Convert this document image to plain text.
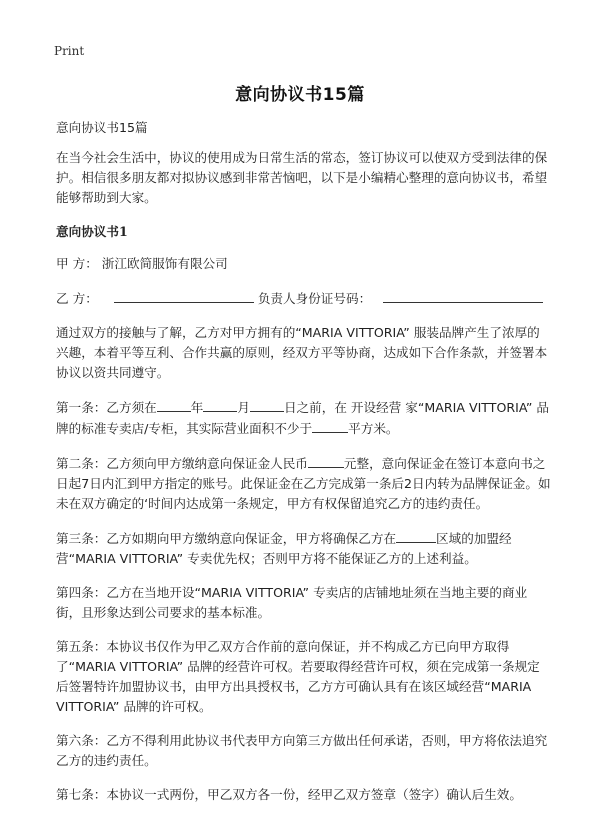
Print
意向协议书15篇

意向协议书15篇

在当今社会生活中，协议的使用成为日常生活的常态，签订协议可以使双方受到法律的保护。相信很多朋友都对拟协议感到非常苦恼吧，以下是小编精心整理的意向协议书，希望能够帮助到大家。

意向协议书1

甲 方： 浙江欧简服饰有限公司

乙 方：	负责人身份证号码：

通过双方的接触与了解，乙方对甲方拥有的“MARIA VITTORIA” 服装品牌产生了浓厚的兴趣，本着平等互利、合作共赢的原则，经双方平等协商，达成如下合作条款，并签署本协议以资共同遵守。

第一条：乙方须在	年	月	日之前，在 开设经营 家“MARIA VITTORIA” 品牌的标准专卖店/专柜，其实际营业面积不少于	平方米。

第二条：乙方须向甲方缴纳意向保证金人民币	元整，意向保证金在签订本意向书之日起7日内汇到甲方指定的账号。此保证金在乙方完成第一条后2日内转为品牌保证金。如未在双方确定的‘时间内达成第一条规定，甲方有权保留追究乙方的违约责任。

第三条：乙方如期向甲方缴纳意向保证金，甲方将确保乙方在	区域的加盟经营“MARIA VITTORIA” 专卖优先权；否则甲方将不能保证乙方的上述利益。

第四条：乙方在当地开设“MARIA VITTORIA” 专卖店的店铺地址须在当地主要的商业街，且形象达到公司要求的基本标准。

第五条：本协议书仅作为甲乙双方合作前的意向保证，并不构成乙方已向甲方取得了“MARIA VITTORIA” 品牌的经营许可权。若要取得经营许可权，须在完成第一条规定后签署特许加盟协议书，由甲方出具授权书，乙方方可确认具有在该区域经营“MARIA VITTORIA” 品牌的许可权。

第六条：乙方不得利用此协议书代表甲方向第三方做出任何承诺，否则，甲方将依法追究乙方的违约责任。

第七条：本协议一式两份，甲乙双方各一份，经甲乙双方签章（签字）确认后生效。
